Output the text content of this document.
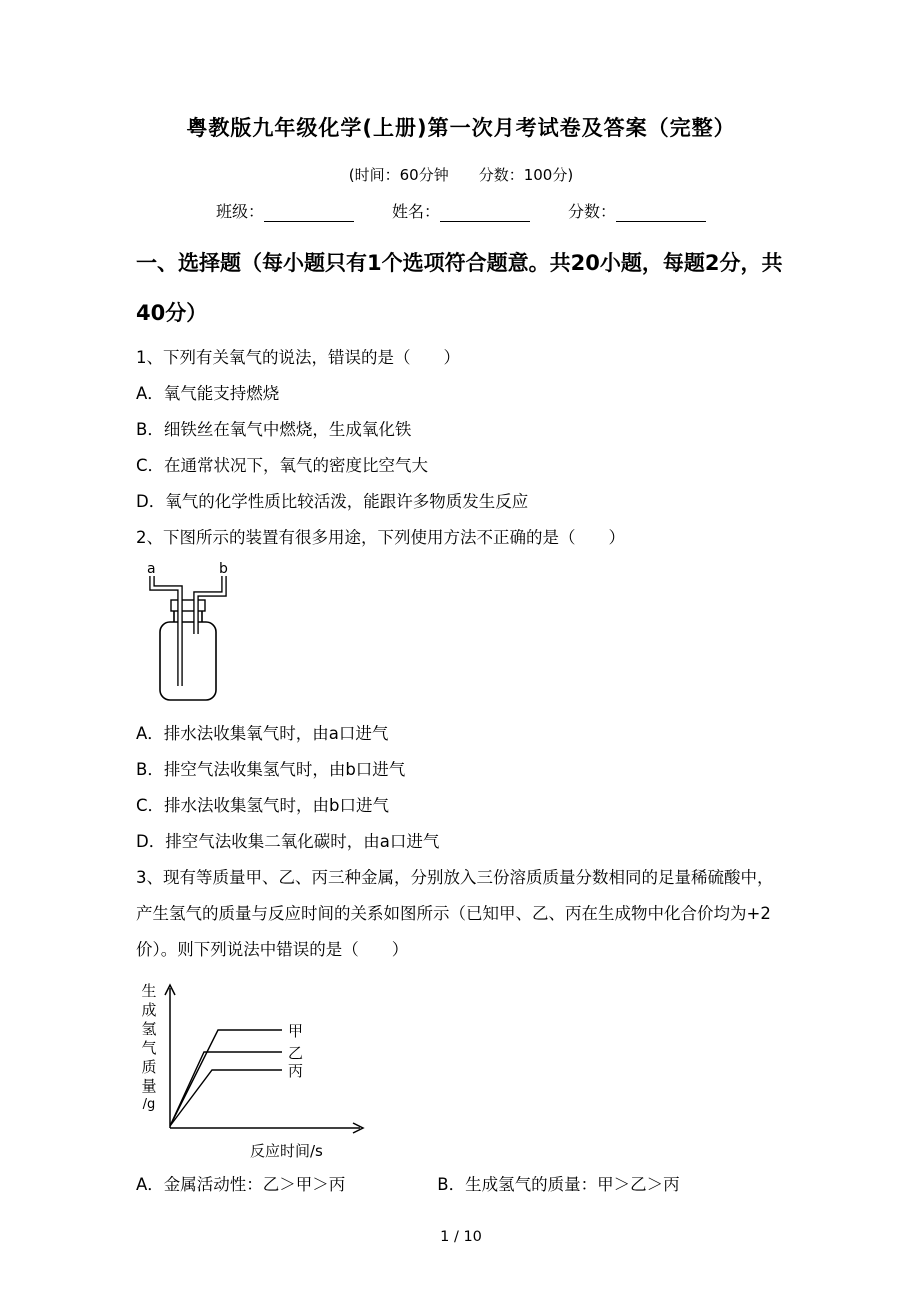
粤教版九年级化学(上册)第一次月考试卷及答案（完整）
(时间：60分钟　　分数：100分)
班级：	姓名：	分数：
一、选择题（每小题只有1个选项符合题意。共20小题，每题2分，共40分）

1、下列有关氧气的说法，错误的是（　　）

A．氧气能支持燃烧

B．细铁丝在氧气中燃烧，生成氧化铁

C．在通常状况下，氧气的密度比空气大

D．氧气的化学性质比较活泼，能跟许多物质发生反应

2、下图所示的装置有很多用途，下列使用方法不正确的是（　　）

a	b

A．排水法收集氧气时，由a口进气

B．排空气法收集氢气时，由b口进气

C．排水法收集氢气时，由b口进气

D．排空气法收集二氧化碳时，由a口进气

3、现有等质量甲、乙、丙三种金属，分别放入三份溶质质量分数相同的足量稀硫酸中，产生氢气的质量与反应时间的关系如图所示（已知甲、乙、丙在生成物中化合价均为+2价）。则下列说法中错误的是（　　）

生成氢气质量
/g
甲
乙
丙
反应时间/s
A．金属活动性：乙＞甲＞丙	B．生成氢气的质量：甲＞乙＞丙
1 / 10
